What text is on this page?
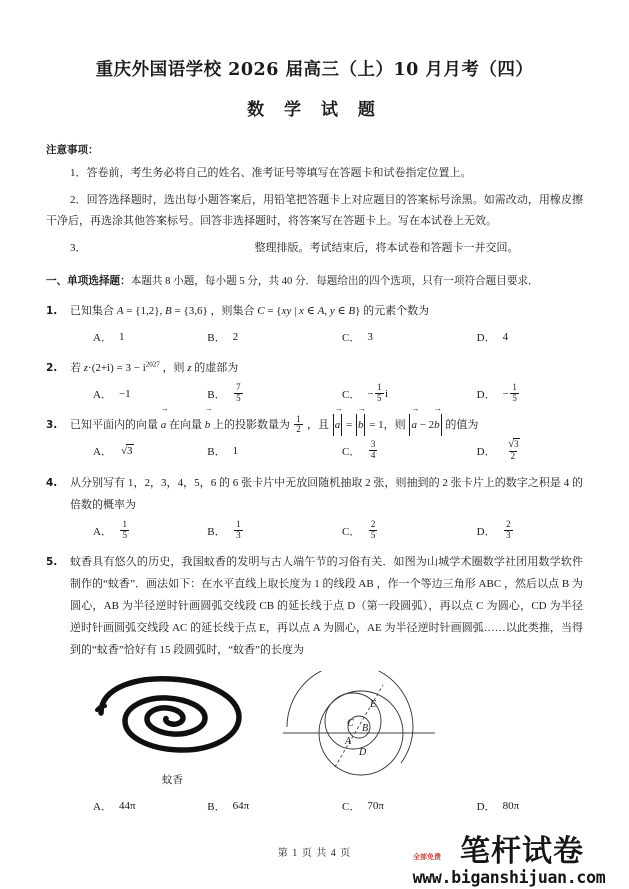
重庆外国语学校 2026 届高三（上）10 月月考（四）
数 学 试 题
注意事项：
1．答卷前，考生务必将自己的姓名、准考证号等填写在答题卡和试卷指定位置上。
2．回答选择题时，选出每小题答案后，用铅笔把答题卡上对应题目的答案标号涂黑。如需改动，用橡皮擦干净后，再选涂其他答案标号。回答非选择题时，将答案写在答题卡上。写在本试卷上无效。
3．	整理排版。考试结束后，将本试卷和答题卡一并交回。
一、单项选择题：本题共 8 小题，每小题 5 分，共 40 分．每题给出的四个选项，只有一项符合题目要求．
1.	已知集合 A = {1,2}, B = {3,6} ，则集合 C = {xy | x ∈ A, y ∈ B} 的元素个数为

A． 1	B． 2	C． 3	D． 4
2.	若 $z\cdot(2+i) = 3 - i^{2027}$ ，则 z 的虚部为

A． −1	B． $\frac{7}{5}$	C． − $\frac{1}{5}$ i	D． − $\frac{1}{5}$
3.	已知平面内的向量 a → 在向量 b → 上的投影数量为 $\frac{1}{2}$ ，且 a → = b → = 1，则 a → − 2b → 的值为

A． √3	B． 1	C． $\frac{3}{4}$	D． $\frac{√3}{2}$
4.	从分别写有 1，2，3，4，5，6 的 6 张卡片中无放回随机抽取 2 张，则抽到的 2 张卡片上的数字之积是 4 的倍数的概率为
A． $\frac{1}{5}$	B． $\frac{1}{3}$	C． $\frac{2}{5}$	D． $\frac{2}{3}$
5.	蚊香具有悠久的历史，我国蚊香的发明与古人端午节的习俗有关．如图为山城学术圈数学社团用数学软件制作的“蚊香”．画法如下：在水平直线上取长度为 1 的线段 AB ，作一个等边三角形 ABC ，然后以点 B 为圆心，AB 为半径逆时针画圆弧交线段 CB 的延长线于点 D（第一段圆弧），再以点 C 为圆心，CD 为半径逆时针画圆弧交线段 AC 的延长线于点 E，再以点 A 为圆心，AE 为半径逆时针画圆弧……以此类推，当得到的“蚊香”恰好有 15 段圆弧时，“蚊香”的长度为
蚊香
A
B
C
D
E
A． 44π	B． 64π	C． 70π	D． 80π
第 1 页 共 4 页	笔杆试卷
www.biganshijuan.com
全部免费
